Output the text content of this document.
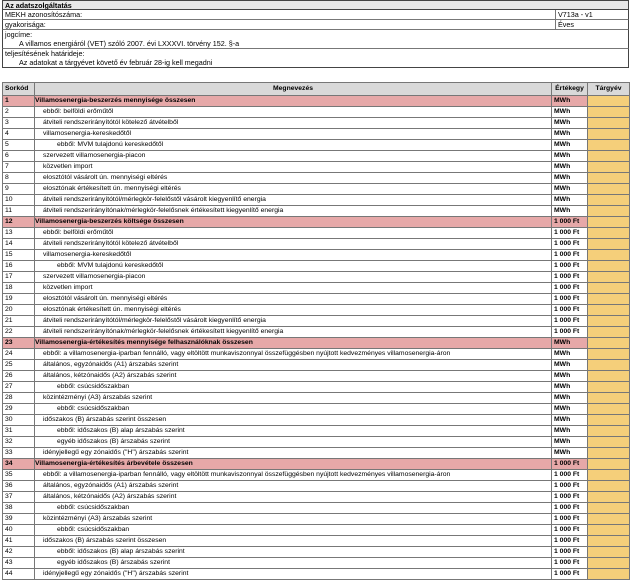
Az adatszolgáltatás
MEKH azonosítószáma:	V713a - v1
gyakorisága:	Éves
jogcíme:
A villamos energiáról (VET) szóló 2007. évi LXXXVI. törvény 152. §-a
teljesítésének határideje:
Az adatokat a tárgyévet követő év február 28-ig kell megadni
Sorkód	Megnevezés	Értékegy	Tárgyév
1	Villamosenergia-beszerzés mennyisége összesen	MWh	
2	ebből: belföldi erőműtől	MWh	
3	átviteli rendszerirányítótól kötelező átvételből	MWh	
4	villamosenergia-kereskedőtől	MWh	
5	ebből: MVM tulajdonú kereskedőtől	MWh	
6	szervezett villamosenergia-piacon	MWh	
7	közvetlen import	MWh	
8	elosztótól vásárolt ún. mennyiségi eltérés	MWh	
9	elosztónak értékesített ún. mennyiségi eltérés	MWh	
10	átviteli rendszerirányítótól/mérlegkör-felelőstől vásárolt kiegyenlítő energia	MWh	
11	átviteli rendszerirányítónak/mérlegkör-felelősnek értékesített kiegyenlítő energia	MWh	
12	Villamosenergia-beszerzés költsége összesen	1 000 Ft	
13	ebből: belföldi erőműtől	1 000 Ft	
14	átviteli rendszerirányítótól kötelező átvételből	1 000 Ft	
15	villamosenergia-kereskedőtől	1 000 Ft	
16	ebből: MVM tulajdonú kereskedőtől	1 000 Ft	
17	szervezett villamosenergia-piacon	1 000 Ft	
18	közvetlen import	1 000 Ft	
19	elosztótól vásárolt ún. mennyiségi eltérés	1 000 Ft	
20	elosztónak értékesített ún. mennyiségi eltérés	1 000 Ft	
21	átviteli rendszerirányítótól/mérlegkör-felelőstől vásárolt kiegyenlítő energia	1 000 Ft	
22	átviteli rendszerirányítónak/mérlegkör-felelősnek értékesített kiegyenlítő energia	1 000 Ft	
23	Villamosenergia-értékesítés mennyisége felhasználóknak összesen	MWh	
24	ebből: a villamosenergia-iparban fennálló, vagy eltöltött munkaviszonnyal összefüggésben nyújtott kedvezményes villamosenergia-áron	MWh	
25	általános, egyzónaidős (A1) árszabás szerint	MWh	
26	általános, kétzónaidős (A2) árszabás szerint	MWh	
27	ebből: csúcsidőszakban	MWh	
28	közintézményi (A3) árszabás szerint	MWh	
29	ebből: csúcsidőszakban	MWh	
30	időszakos (B) árszabás szerint összesen	MWh	
31	ebből: időszakos (B) alap árszabás szerint	MWh	
32	egyéb időszakos (B) árszabás szerint	MWh	
33	idényjellegű egy zónaidős ("H") árszabás szerint	MWh	
34	Villamosenergia-értékesítés árbevétele összesen	1 000 Ft	
35	ebből: a villamosenergia-iparban fennálló, vagy eltöltött munkaviszonnyal összefüggésben nyújtott kedvezményes villamosenergia-áron	1 000 Ft	
36	általános, egyzónaidős (A1) árszabás szerint	1 000 Ft	
37	általános, kétzónaidős (A2) árszabás szerint	1 000 Ft	
38	ebből: csúcsidőszakban	1 000 Ft	
39	közintézményi (A3) árszabás szerint	1 000 Ft	
40	ebből: csúcsidőszakban	1 000 Ft	
41	időszakos (B) árszabás szerint összesen	1 000 Ft	
42	ebből: időszakos (B) alap árszabás szerint	1 000 Ft	
43	egyéb időszakos (B) árszabás szerint	1 000 Ft	
44	idényjellegű egy zónaidős ("H") árszabás szerint	1 000 Ft	
